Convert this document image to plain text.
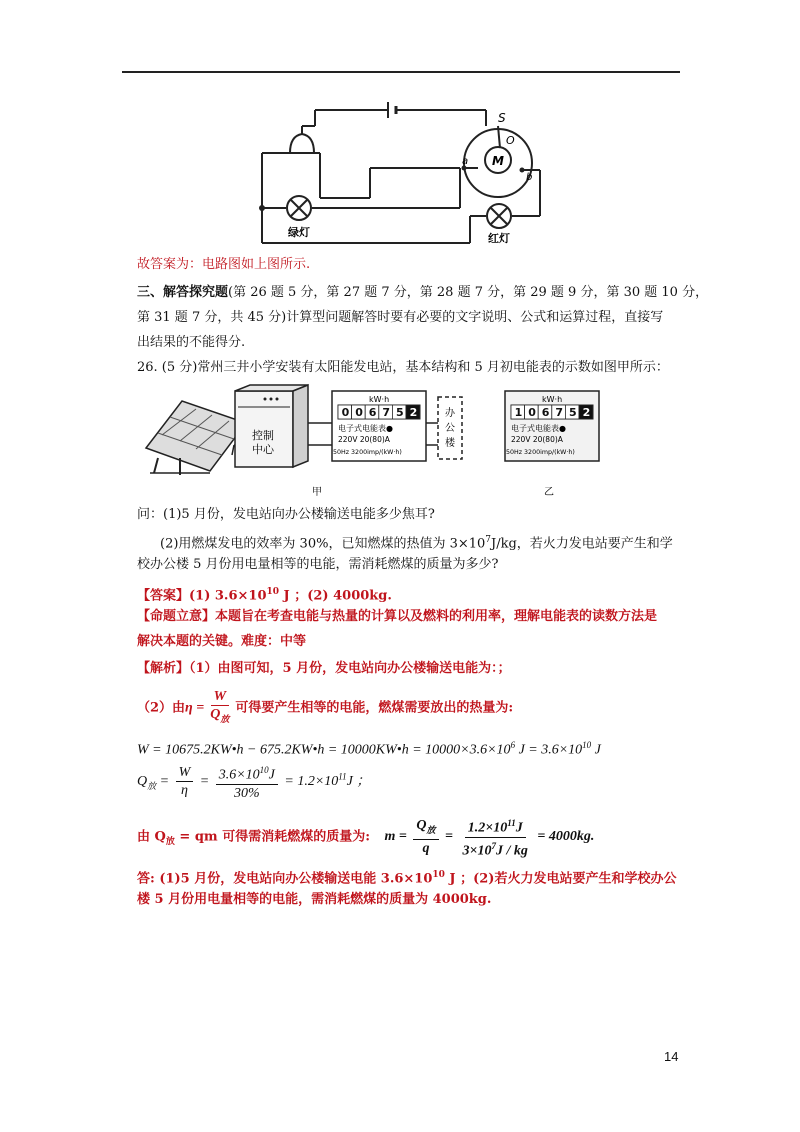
S
O
M
a
b
绿灯	红灯
故答案为：电路图如上图所示.
三、解答探究题(第 26 题 5 分，第 27 题 7 分，第 28 题 7 分，第 29 题 9 分，第 30 题 10 分，
第 31 题 7 分，共 45 分)计算型问题解答时要有必要的文字说明、公式和运算过程，直接写
出结果的不能得分.
26. (5 分)常州三井小学安装有太阳能发电站，基本结构和 5 月初电能表的示数如图甲所示：
控制
中心
kW·h
0 0 6 7 5 2
电子式电能表●
220V 20(80)A
50Hz 3200imp/(kW·h)
办
公
楼
kW·h
1 0 6 7 5 2
电子式电能表●
220V 20(80)A
50Hz 3200imp/(kW·h)
甲	乙
问：(1)5 月份，发电站向办公楼输送电能多少焦耳?
(2)用燃煤发电的效率为 30%，已知燃煤的热值为 $3\times 10^7J/kg$，若火力发电站要产生和学
校办公楼 5 月份用电量相等的电能，需消耗燃煤的质量为多少?
【答案】(1) $3.6\times 10^{10}$ J ；(2) 4000kg.
【命题立意】本题旨在考查电能与热量的计算以及燃料的利用率，理解电能表的读数方法是
解决本题的关键。难度：中等
【解析】（1）由图可知，5 月份，发电站向办公楼输送电能为：；
（2）由$\eta = \frac{W}{Q_放}$ 可得要产生相等的电能，燃煤需要放出的热量为:
W = 10675.2KW•h − 675.2KW•h = 10000KW•h = $10000\times 3.6\times 10^6$ $J = 3.6\times 10^{10}$ J
$Q_放 = \frac{W}{\eta} = \frac{3.6\times 10^{10}J}{30\%} = 1.2\times 10^{11}J$ ；
由 $Q_放$ = qm 可得需消耗燃煤的质量为: $m = \frac{Q_放}{q} = \frac{1.2\times 10^{11}J}{3\times 10^7J / kg} = 4000kg$.
答: (1)5 月份，发电站向办公楼输送电能 $3.6\times 10^{10}$ J ；(2)若火力发电站要产生和学校办公
楼 5 月份用电量相等的电能，需消耗燃煤的质量为 4000kg.
14
